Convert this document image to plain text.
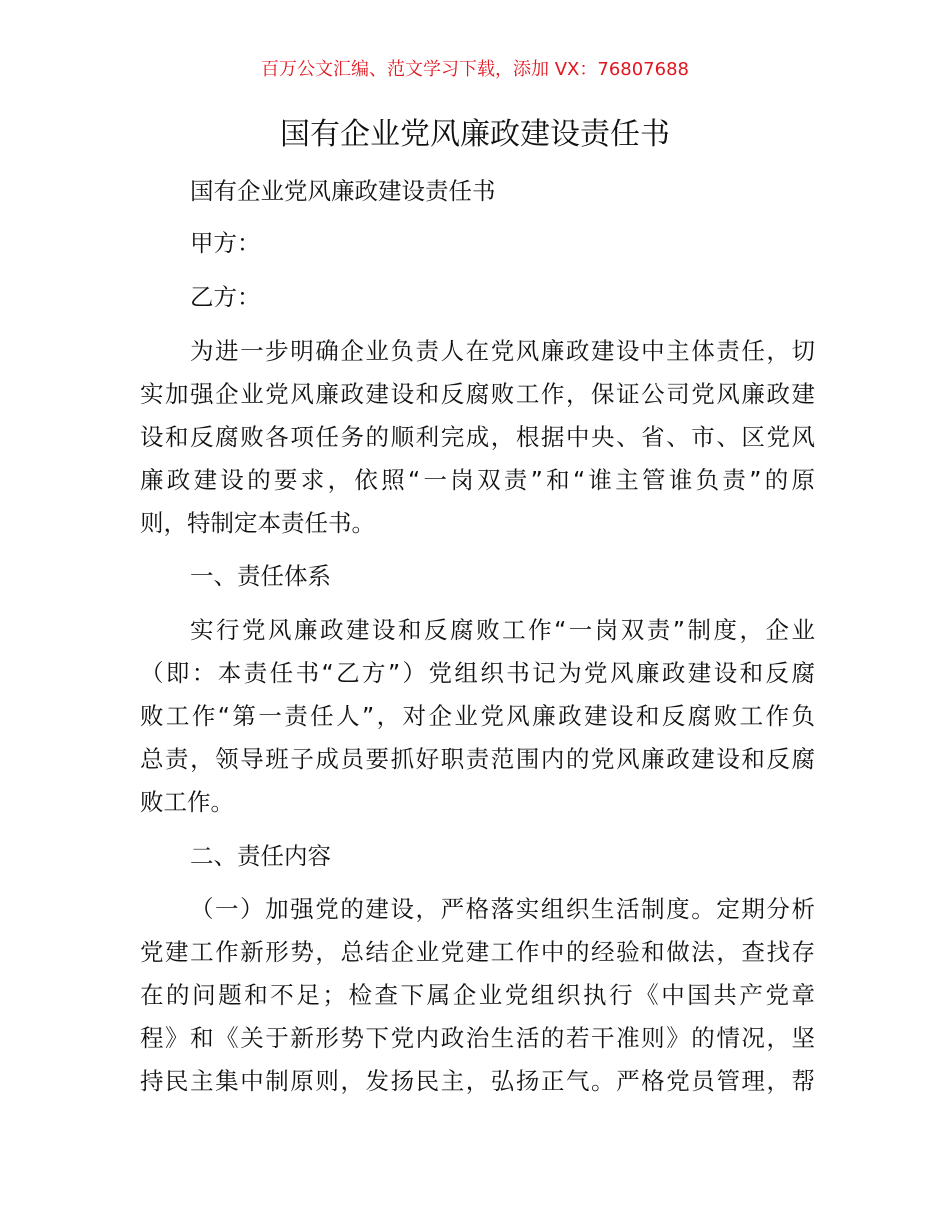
百万公文汇编、范文学习下载，添加 VX：76807688
国有企业党风廉政建设责任书
国有企业党风廉政建设责任书
甲方：
乙方：
为进一步明确企业负责人在党风廉政建设中主体责任，切
实加强企业党风廉政建设和反腐败工作，保证公司党风廉政建
设和反腐败各项任务的顺利完成，根据中央、省、市、区党风
廉政建设的要求，依照“一岗双责”和“谁主管谁负责”的原
则，特制定本责任书。
一、责任体系
实行党风廉政建设和反腐败工作“一岗双责”制度，企业
（即：本责任书“乙方”）党组织书记为党风廉政建设和反腐
败工作“第一责任人”，对企业党风廉政建设和反腐败工作负
总责，领导班子成员要抓好职责范围内的党风廉政建设和反腐
败工作。
二、责任内容
（一）加强党的建设，严格落实组织生活制度。定期分析
党建工作新形势，总结企业党建工作中的经验和做法，查找存
在的问题和不足；检查下属企业党组织执行《中国共产党章
程》和《关于新形势下党内政治生活的若干准则》的情况，坚
持民主集中制原则，发扬民主，弘扬正气。严格党员管理，帮
